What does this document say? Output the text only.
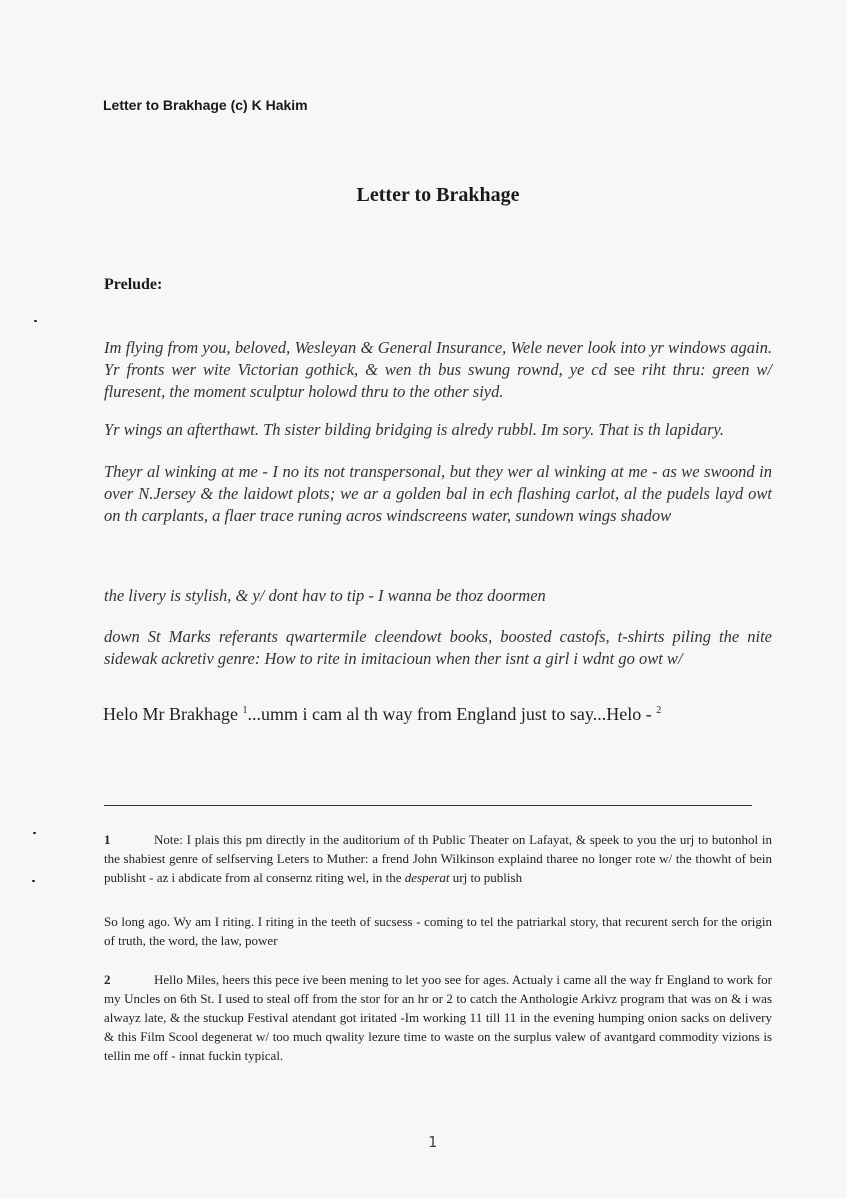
Letter to Brakhage (c) K Hakim
Letter to Brakhage
Prelude:
Im flying from you, beloved, Wesleyan & General Insurance, Wele never look into yr windows again. Yr fronts wer wite Victorian gothick, & wen th bus swung rownd, ye cd see riht thru: green w/ fluresent, the moment sculptur holowd thru to the other siyd.
Yr wings an afterthawt. Th sister bilding bridging is alredy rubbl. Im sory. That is th lapidary.
Theyr al winking at me - I no its not transpersonal, but they wer al winking at me - as we swoond in over N.Jersey & the laidowt plots; we ar a golden bal in ech flashing carlot, al the pudels layd owt on th carplants, a flaer trace runing acros windscreens water, sundown wings shadow
the livery is stylish, & y/ dont hav to tip - I wanna be thoz doormen
down St Marks referants qwartermile cleendowt books, boosted castofs, t-shirts piling the nite sidewak ackretiv genre: How to rite in imitacioun when ther isnt a girl i wdnt go owt w/
Helo Mr Brakhage $^1$...umm i cam al th way from England just to say...Helo - $^2$
1	Note: I plais this pm directly in the auditorium of th Public Theater on Lafayat, & speek to you the urj to butonhol in the shabiest genre of selfserving Leters to Muther: a frend John Wilkinson explaind tharee no longer rote w/ the thowht of bein publisht - az i abdicate from al consernz riting wel, in the desperat urj to publish
So long ago. Wy am I riting. I riting in the teeth of sucsess - coming to tel the patriarkal story, that recurent serch for the origin of truth, the word, the law, power
2	Hello Miles, heers this pece ive been mening to let yoo see for ages. Actualy i came all the way fr England to work for my Uncles on 6th St. I used to steal off from the stor for an hr or 2 to catch the Anthologie Arkivz program that was on & i was alwayz late, & the stuckup Festival atendant got iritated -Im working 11 till 11 in the evening humping onion sacks on delivery & this Film Scool degenerat w/ too much qwality lezure time to waste on the surplus valew of avantgard commodity vizions is tellin me off - innat fuckin typical.
1
